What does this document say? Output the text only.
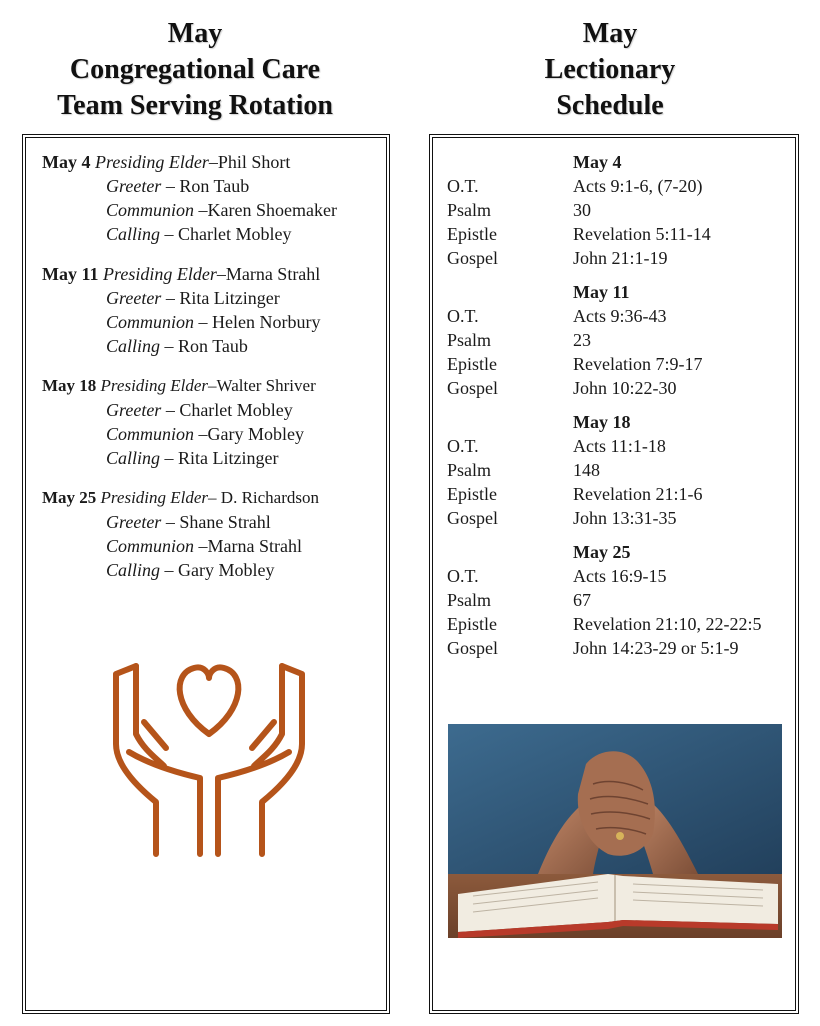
May
Congregational Care
Team Serving Rotation
May
Lectionary
Schedule
May 4 Presiding Elder–Phil Short
Greeter – Ron Taub
Communion –Karen Shoemaker
Calling – Charlet Mobley
May 11 Presiding Elder–Marna Strahl
Greeter – Rita Litzinger
Communion – Helen Norbury
Calling – Ron Taub
May 18 Presiding Elder–Walter Shriver
Greeter – Charlet Mobley
Communion –Gary Mobley
Calling – Rita Litzinger
May 25 Presiding Elder– D. Richardson
Greeter – Shane Strahl
Communion –Marna Strahl
Calling – Gary Mobley
May 4
O.T.	Acts 9:1-6, (7-20)
Psalm	30
Epistle	Revelation 5:11-14
Gospel	John 21:1-19
May 11
O.T.	Acts 9:36-43
Psalm	23
Epistle	Revelation 7:9-17
Gospel	John 10:22-30
May 18
O.T.	Acts 11:1-18
Psalm	148
Epistle	Revelation 21:1-6
Gospel	John 13:31-35
May 25
O.T.	Acts 16:9-15
Psalm	67
Epistle	Revelation 21:10, 22-22:5
Gospel	John 14:23-29 or 5:1-9
